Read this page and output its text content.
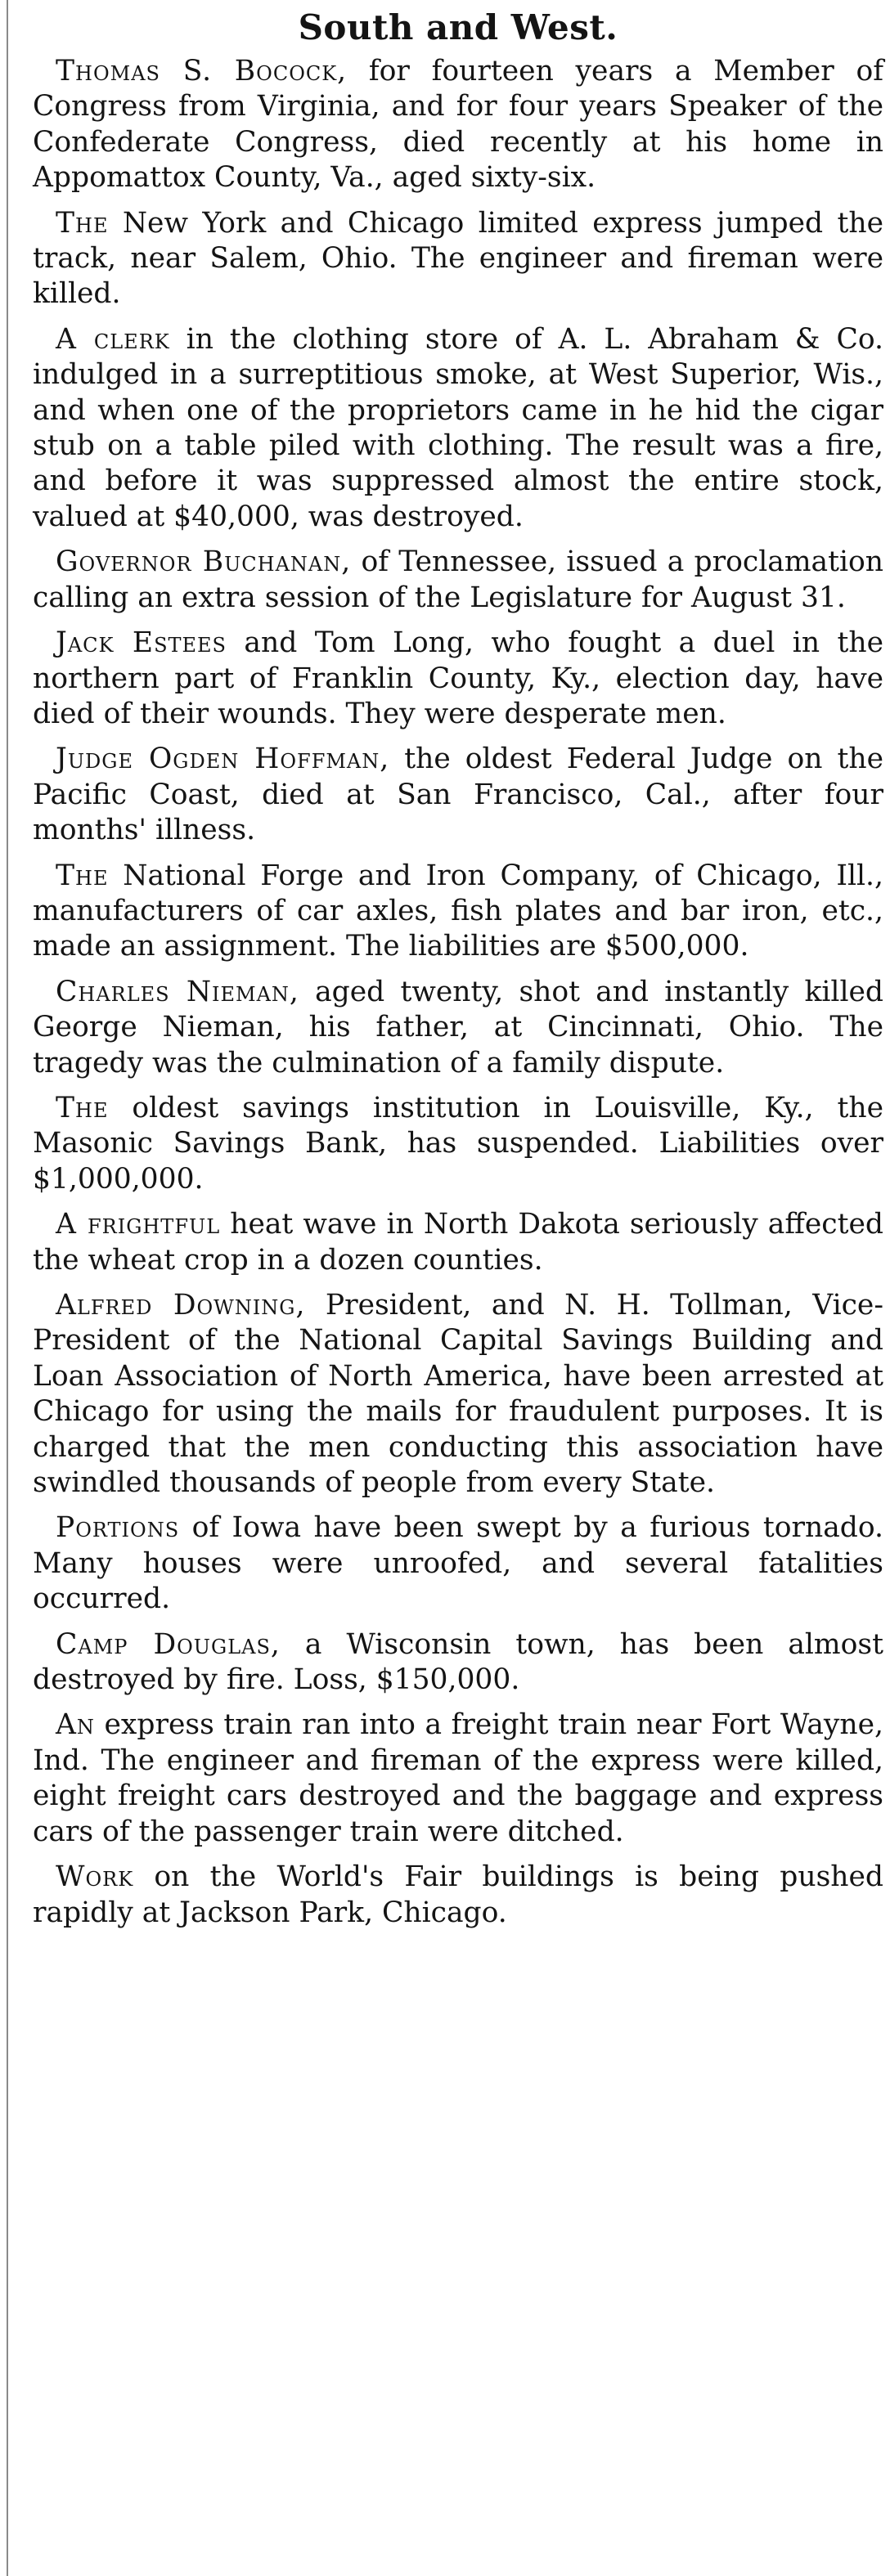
South and West.

Thomas S. Bocock, for fourteen years a Member of Congress from Virginia, and for four years Speaker of the Confederate Congress, died recently at his home in Appomattox County, Va., aged sixty-six.

The New York and Chicago limited express jumped the track, near Salem, Ohio. The engineer and fireman were killed.

A clerk in the clothing store of A. L. Abraham & Co. indulged in a surreptitious smoke, at West Superior, Wis., and when one of the proprietors came in he hid the cigar stub on a table piled with clothing. The result was a fire, and before it was suppressed almost the entire stock, valued at $40,000, was destroyed.

Governor Buchanan, of Tennessee, issued a proclamation calling an extra session of the Legislature for August 31.

Jack Estees and Tom Long, who fought a duel in the northern part of Franklin County, Ky., election day, have died of their wounds. They were desperate men.

Judge Ogden Hoffman, the oldest Federal Judge on the Pacific Coast, died at San Francisco, Cal., after four months' illness.

The National Forge and Iron Company, of Chicago, Ill., manufacturers of car axles, fish plates and bar iron, etc., made an assignment. The liabilities are $500,000.

Charles Nieman, aged twenty, shot and instantly killed George Nieman, his father, at Cincinnati, Ohio. The tragedy was the culmination of a family dispute.

The oldest savings institution in Louisville, Ky., the Masonic Savings Bank, has suspended. Liabilities over $1,000,000.

A frightful heat wave in North Dakota seriously affected the wheat crop in a dozen counties.

Alfred Downing, President, and N. H. Tollman, Vice-President of the National Capital Savings Building and Loan Association of North America, have been arrested at Chicago for using the mails for fraudulent purposes. It is charged that the men conducting this association have swindled thousands of people from every State.

Portions of Iowa have been swept by a furious tornado. Many houses were unroofed, and several fatalities occurred.

Camp Douglas, a Wisconsin town, has been almost destroyed by fire. Loss, $150,000.

An express train ran into a freight train near Fort Wayne, Ind. The engineer and fireman of the express were killed, eight freight cars destroyed and the baggage and express cars of the passenger train were ditched.

Work on the World's Fair buildings is being pushed rapidly at Jackson Park, Chicago.
